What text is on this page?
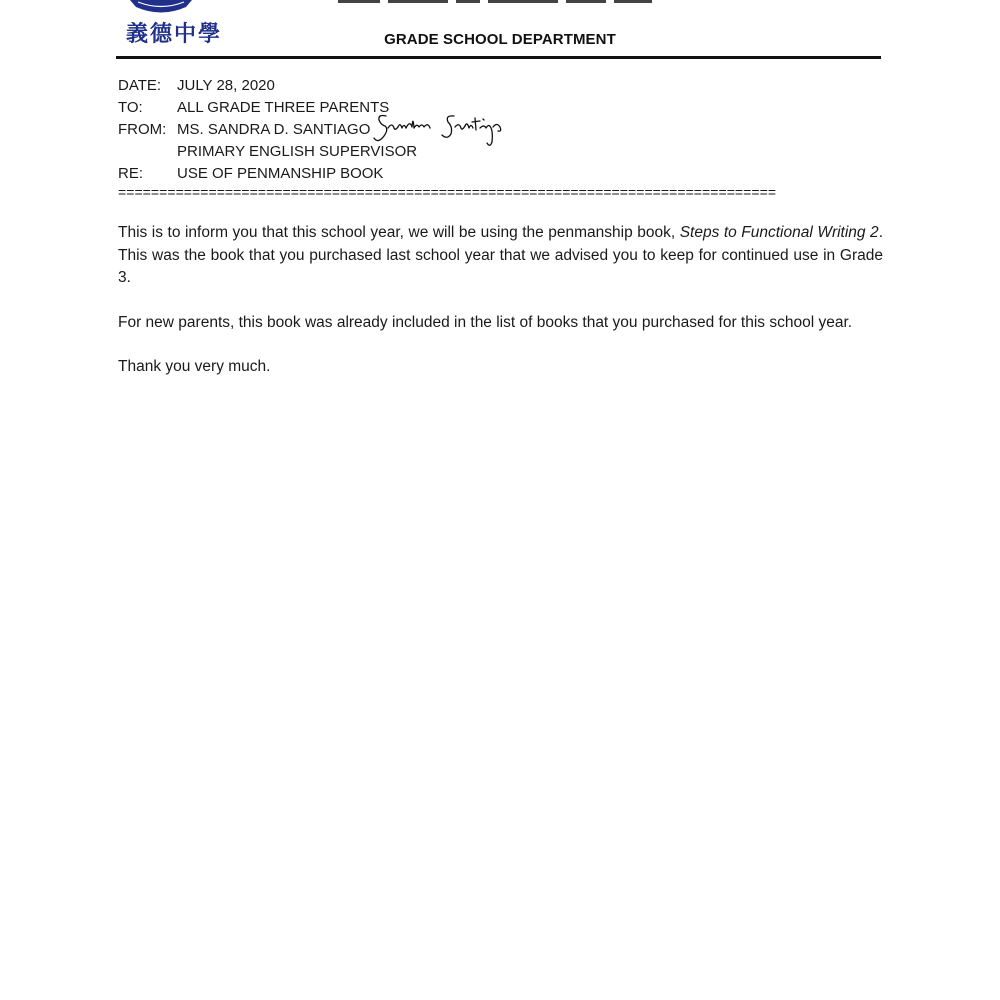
義德中學	GRADE SCHOOL DEPARTMENT
DATE:	JULY 28, 2020
TO:	ALL GRADE THREE PARENTS
FROM: MS. SANDRA D. SANTIAGO
PRIMARY ENGLISH SUPERVISOR
RE:	USE OF PENMANSHIP BOOK
================================================================================

This is to inform you that this school year, we will be using the penmanship book, Steps to Functional Writing 2. This was the book that you purchased last school year that we advised you to keep for continued use in Grade 3.

For new parents, this book was already included in the list of books that you purchased for this school year.

Thank you very much.
